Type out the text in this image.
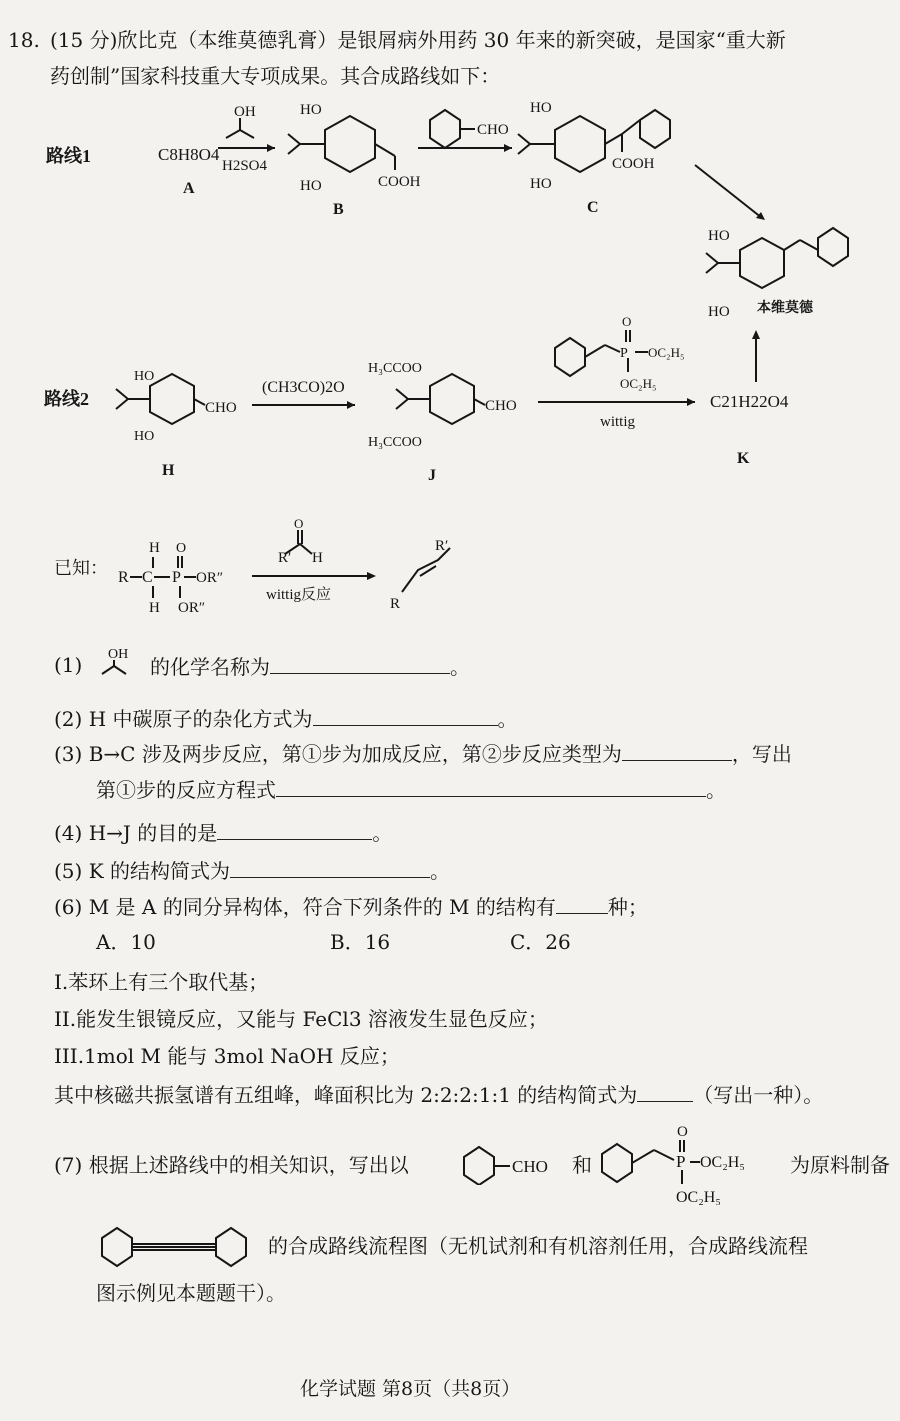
18. (15 分)欣比克（本维莫德乳膏）是银屑病外用药 30 年来的新突破，是国家“重大新
药创制”国家科技重大专项成果。其合成路线如下：
路线1	C8H8O4
A
OH
H2SO4
HO
HO	COOH
B
CHO
HO
HO
COOH
C
HO
HO 本维莫德
路线2
HO
HO
CHO
H
(CH3CO)2O
H₃CCOO
H₃CCOO
CHO
J
O
P OC₂H₅
OC₂H₅
wittig
C21H22O4
K
已知： R C
H
H
P
O
OR″
OR″
O
R′ H
wittig反应
R′
R
(1) OH
的化学名称为	。
(2) H 中碳原子的杂化方式为	。
(3) B→C 涉及两步反应，第①步为加成反应，第②步反应类型为	，写出
第①步的反应方程式	。
(4) H→J 的目的是	。
(5) K 的结构简式为	。
(6) M 是 A 的同分异构体，符合下列条件的 M 的结构有	种；
A．10	B．16	C．26
I.苯环上有三个取代基；
II.能发生银镜反应，又能与 FeCl3 溶液发生显色反应；
III.1mol M 能与 3mol NaOH 反应；
其中核磁共振氢谱有五组峰，峰面积比为 2:2:2:1:1 的结构简式为	（写出一种）。
(7) 根据上述路线中的相关知识，写出以	CHO 和	P
O
OC₂H₅
OC₂H₅
为原料制备
的合成路线流程图（无机试剂和有机溶剂任用，合成路线流程
图示例见本题题干）。
化学试题 第8页（共8页）
